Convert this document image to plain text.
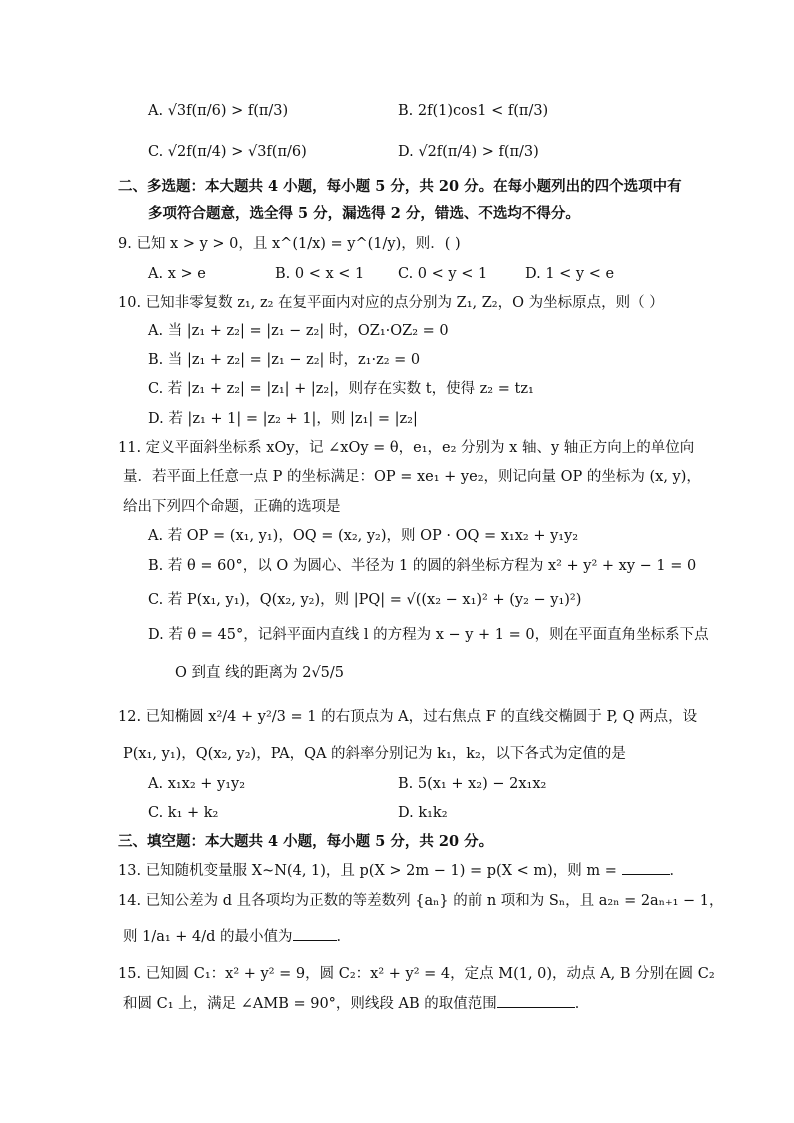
A. √3f(π/6) > f(π/3)	B. 2f(1)cos1 < f(π/3)
C. √2f(π/4) > √3f(π/6)	D. √2f(π/4) > f(π/3)
二、多选题：本大题共 4 小题，每小题 5 分，共 20 分。在每小题列出的四个选项中有
多项符合题意，选全得 5 分，漏选得 2 分，错选、不选均不得分。
9. 已知 x > y > 0，且 x^(1/x) = y^(1/y)，则．( )
A. x > e	B. 0 < x < 1 C. 0 < y < 1	D. 1 < y < e
10. 已知非零复数 z₁, z₂ 在复平面内对应的点分别为 Z₁, Z₂，O 为坐标原点，则（ ）
A. 当 |z₁ + z₂| = |z₁ − z₂| 时，OZ₁·OZ₂ = 0
B. 当 |z₁ + z₂| = |z₁ − z₂| 时，z₁·z₂ = 0
C. 若 |z₁ + z₂| = |z₁| + |z₂|，则存在实数 t，使得 z₂ = tz₁
D. 若 |z₁ + 1| = |z₂ + 1|，则 |z₁| = |z₂|
11. 定义平面斜坐标系 xOy，记 ∠xOy = θ，e₁，e₂ 分别为 x 轴、y 轴正方向上的单位向
量．若平面上任意一点 P 的坐标满足：OP = xe₁ + ye₂，则记向量 OP 的坐标为 (x, y)，
给出下列四个命题，正确的选项是
A. 若 OP = (x₁, y₁)，OQ = (x₂, y₂)，则 OP · OQ = x₁x₂ + y₁y₂
B. 若 θ = 60°，以 O 为圆心、半径为 1 的圆的斜坐标方程为 x² + y² + xy − 1 = 0
C. 若 P(x₁, y₁)，Q(x₂, y₂)，则 |PQ| = √((x₂ − x₁)² + (y₂ − y₁)²)
D. 若 θ = 45°，记斜平面内直线 l 的方程为 x − y + 1 = 0，则在平面直角坐标系下点
O 到直 线的距离为 2√5/5
12. 已知椭圆 x²/4 + y²/3 = 1 的右顶点为 A，过右焦点 F 的直线交椭圆于 P, Q 两点，设
P(x₁, y₁)，Q(x₂, y₂)，PA，QA 的斜率分别记为 k₁，k₂，以下各式为定值的是
A. x₁x₂ + y₁y₂	B. 5(x₁ + x₂) − 2x₁x₂
C. k₁ + k₂	D. k₁k₂
三、填空题：本大题共 4 小题，每小题 5 分，共 20 分。
13. 已知随机变量服 X~N(4, 1)，且 p(X > 2m − 1) = p(X < m)，则 m =	．
14. 已知公差为 d 且各项均为正数的等差数列 {aₙ} 的前 n 项和为 Sₙ，且 a₂ₙ = 2aₙ₊₁ − 1，
则 1/a₁ + 4/d 的最小值为	．
15. 已知圆 C₁：x² + y² = 9，圆 C₂：x² + y² = 4，定点 M(1, 0)，动点 A, B 分别在圆 C₂
和圆 C₁ 上，满足 ∠AMB = 90°，则线段 AB 的取值范围	．
